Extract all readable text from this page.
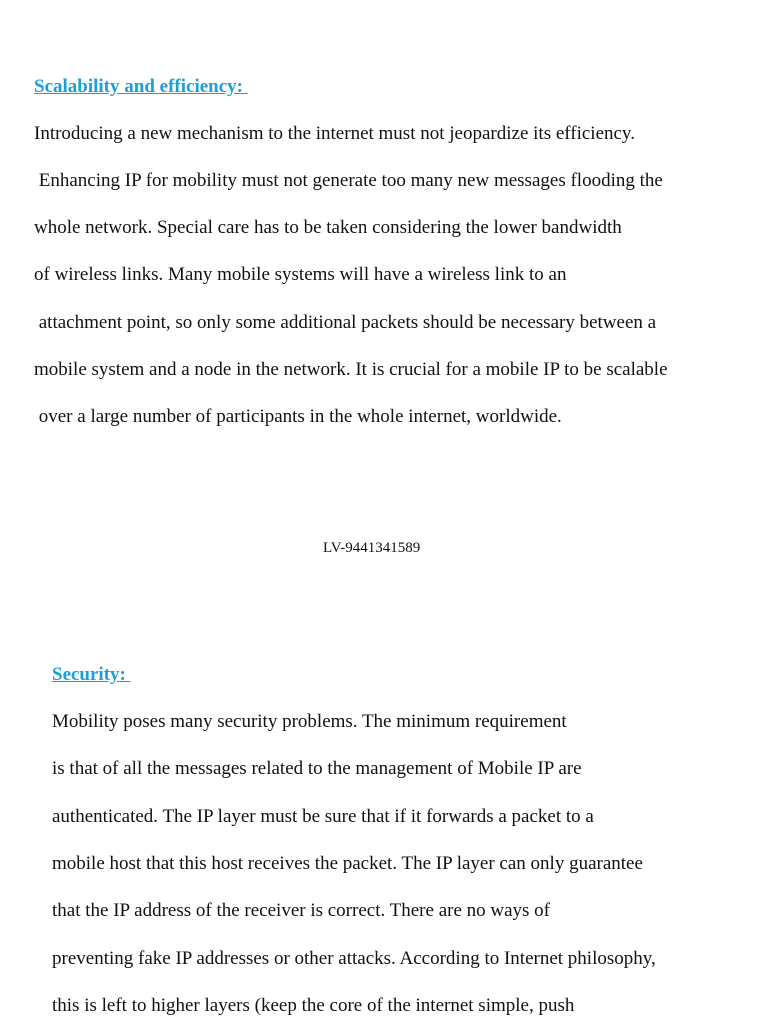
Scalability and efficiency:
Introducing a new mechanism to the internet must not jeopardize its efficiency.
Enhancing IP for mobility must not generate too many new messages flooding the
whole network. Special care has to be taken considering the lower bandwidth
of wireless links. Many mobile systems will have a wireless link to an
attachment point, so only some additional packets should be necessary between a
mobile system and a node in the network. It is crucial for a mobile IP to be scalable
over a large number of participants in the whole internet, worldwide.
LV-9441341589
Security:
Mobility poses many security problems. The minimum requirement
is that of all the messages related to the management of Mobile IP are
authenticated. The IP layer must be sure that if it forwards a packet to a
mobile host that this host receives the packet. The IP layer can only guarantee
that the IP address of the receiver is correct. There are no ways of
preventing fake IP addresses or other attacks. According to Internet philosophy,
this is left to higher layers (keep the core of the internet simple, push
